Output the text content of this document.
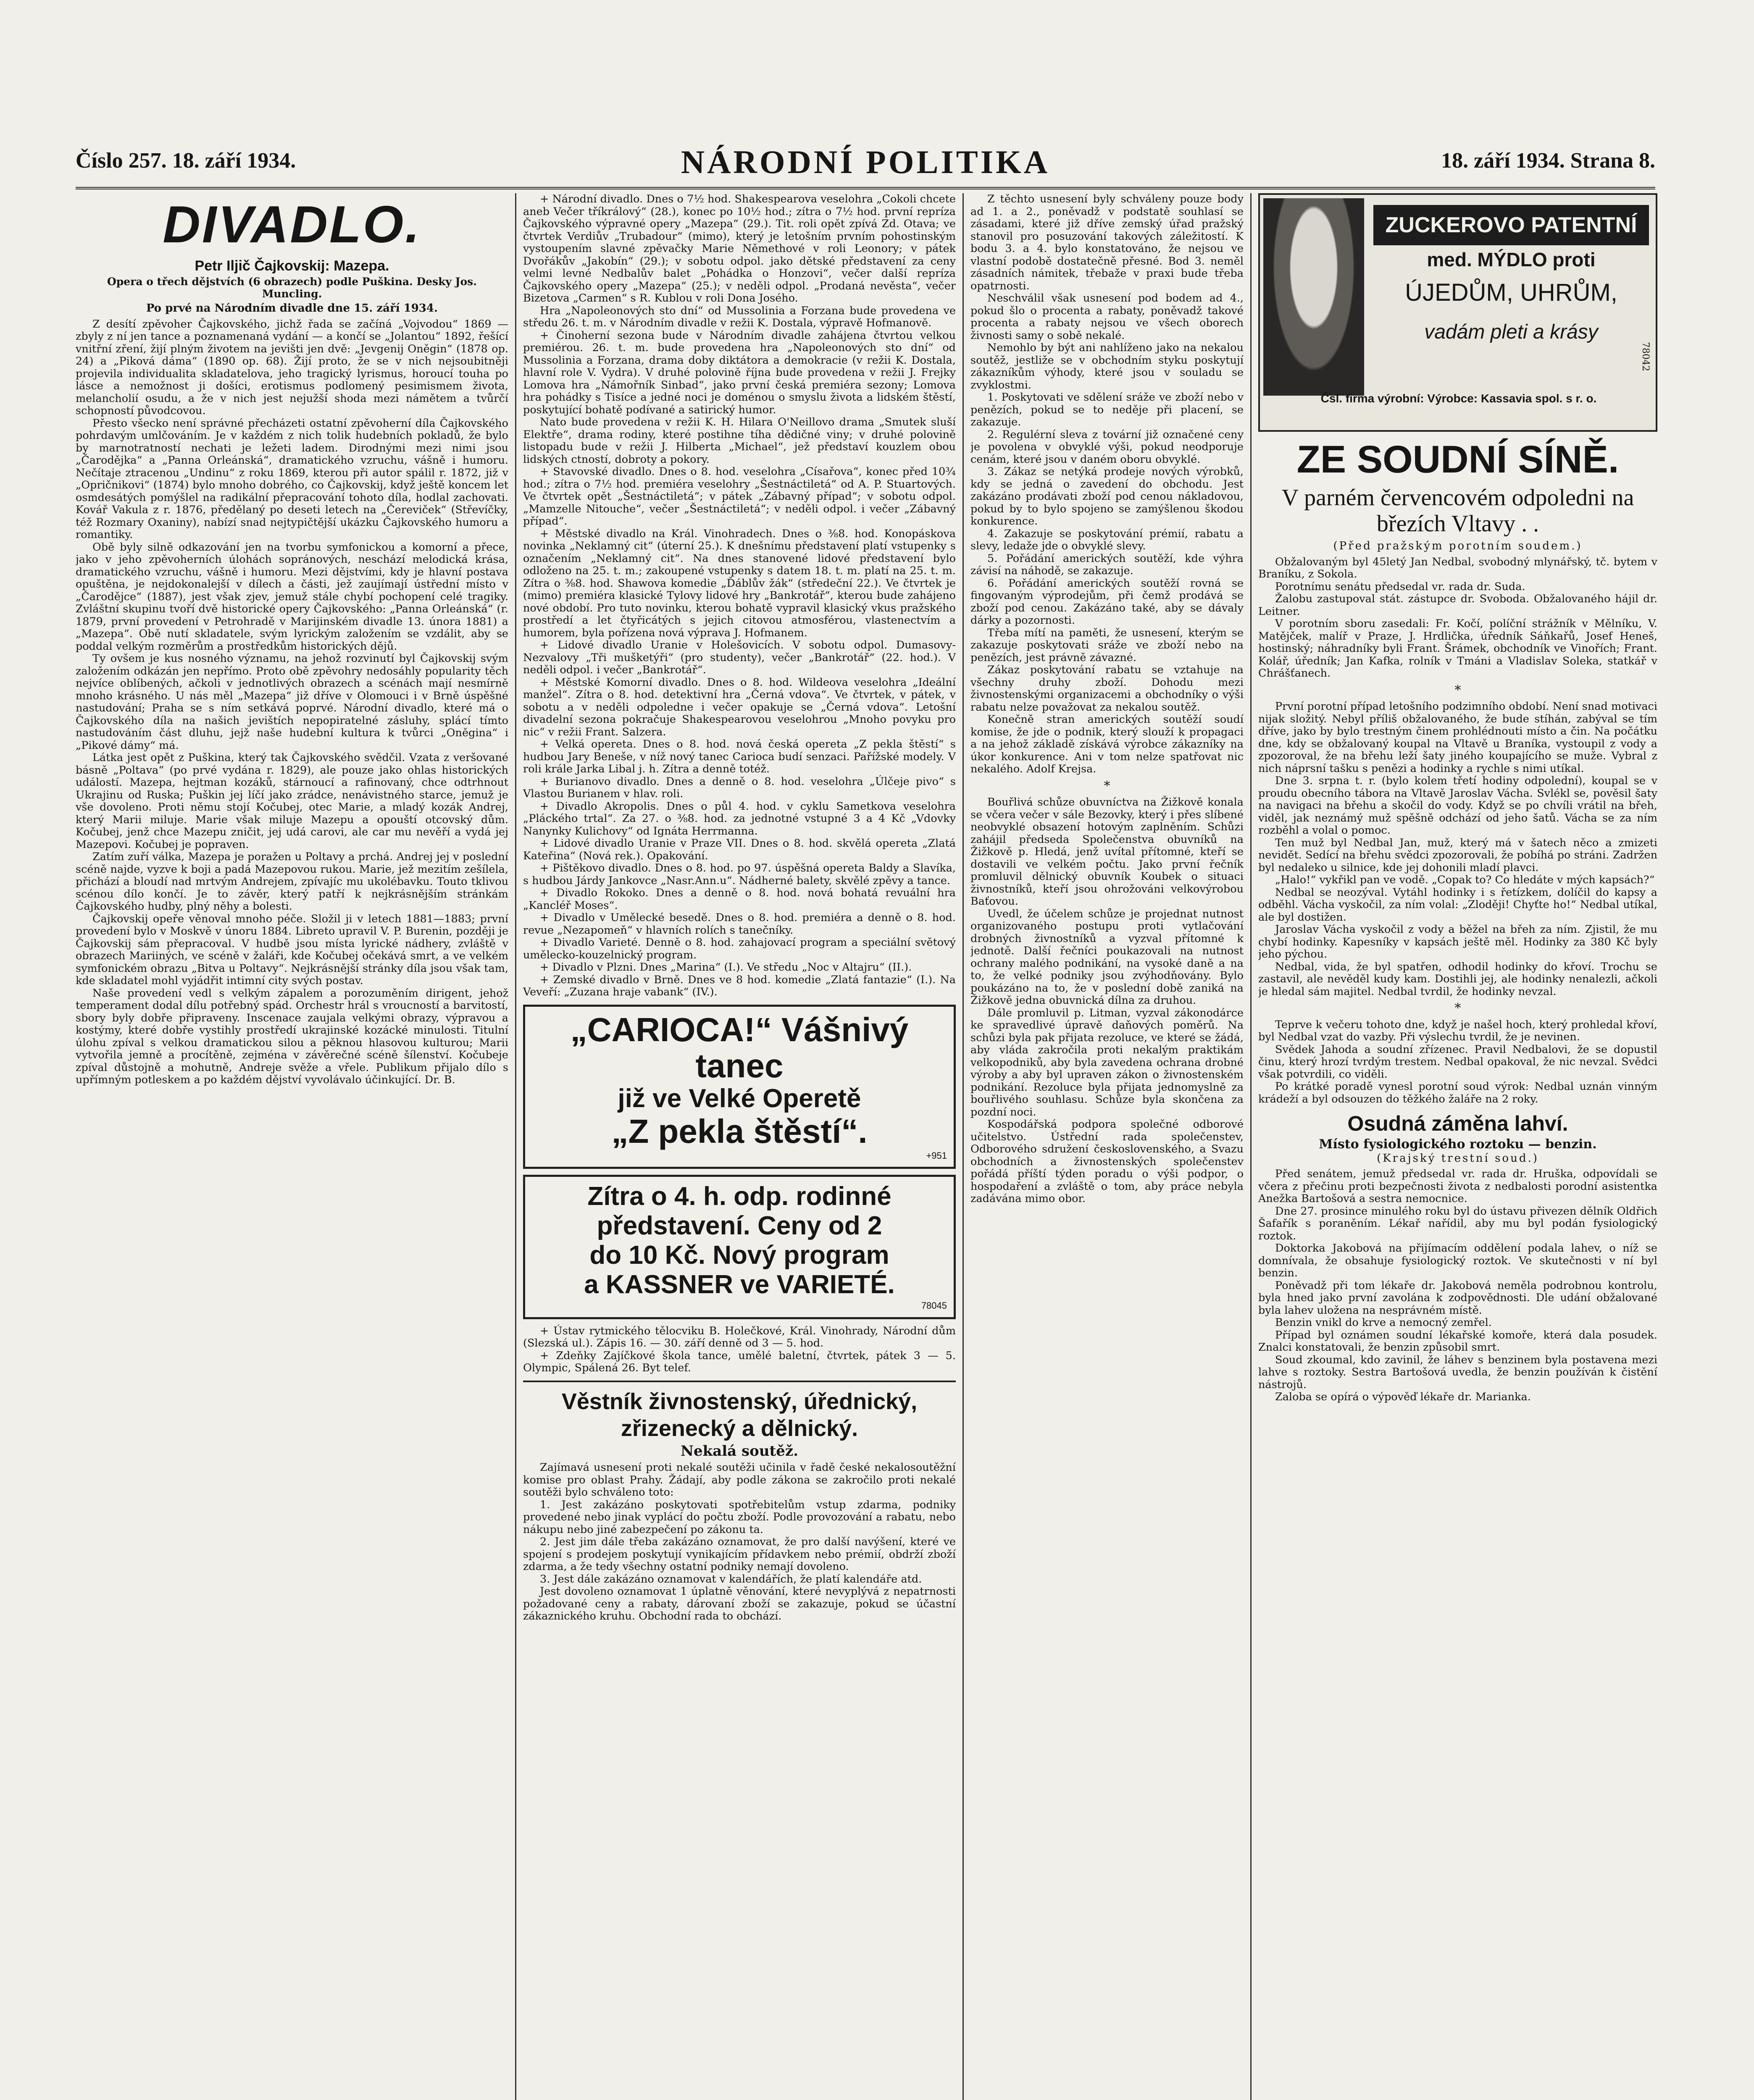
Číslo 257. 18. září 1934.	NÁRODNÍ POLITIKA	18. září 1934. Strana 8.
DIVADLO.
Petr Iljič Čajkovskij: Mazepa.
Opera o třech dějstvích (6 obrazech) podle Puškina. Desky Jos. Muncling.
Po prvé na Národním divadle dne 15. září 1934.

Z desítí zpěvoher Čajkovského, jichž řada se začíná „Vojvodou“ 1869 — zbyly z ní jen tance a poznamenaná vydání — a končí se „Jolantou“ 1892, řešící vnitřní zření, žijí plným životem na jevišti jen dvě: „Jevgenij Oněgin“ (1878 op. 24) a „Piková dáma“ (1890 op. 68). Žijí proto, že se v nich nejsoubitněji projevila individualita skladatelova, jeho tragický lyrismus, horoucí touha po lásce a nemožnost ji došíci, erotismus podlomený pesimismem života, melancholií osudu, a že v nich jest nejužší shoda mezi námětem a tvůrčí schopností původcovou.

Přesto všecko není správné přecházeti ostatní zpěvoherní díla Čajkovského pohrdavým umlčováním. Je v každém z nich tolik hudebních pokladů, že bylo by marnotratností nechati je ležeti ladem. Dirodnými mezi nimi jsou „Čarodějka“ a „Panna Orleánská“, dramatického vzruchu, vášně i humoru. Nečítaje ztracenou „Undinu“ z roku 1869, kterou při autor spálil r. 1872, již v „Opričnikovi“ (1874) bylo mnoho dobrého, co Čajkovskij, když ještě koncem let osmdesátých pomýšlel na radikální přepracování tohoto díla, hodlal zachovati. Kovář Vakula z r. 1876, předělaný po deseti letech na „Čereviček“ (Střevíčky, též Rozmary Oxaniny), nabízí snad nejtypičtější ukázku Čajkovského humoru a romantiky.

Obě byly silně odkazování jen na tvorbu symfonickou a komorní a přece, jako v jeho zpěvoherních úlohách sopránových, neschází melodická krása, dramatického vzruchu, vášně i humoru. Mezi dějstvími, kdy je hlavní postava opuštěna, je nejdokonalejší v dílech a části, jež zaujímají ústřední místo v „Čarodějce“ (1887), jest však zjev, jemuž stále chybí pochopení celé tragiky. Zvláštní skupinu tvoří dvě historické opery Čajkovského: „Panna Orleánská“ (r. 1879, první provedení v Petrohradě v Marijinském divadle 13. února 1881) a „Mazepa“. Obě nutí skladatele, svým lyrickým založením se vzdálit, aby se poddal velkým rozměrům a prostředkům historických dějů.

Ty ovšem je kus nosného významu, na jehož rozvinutí byl Čajkovskij svým založením odkázán jen nepřímo. Proto obě zpěvohry nedosáhly popularity těch nejvíce oblíbených, ačkoli v jednotlivých obrazech a scénách mají nesmírně mnoho krásného. U nás měl „Mazepa“ již dříve v Olomouci i v Brně úspěšné nastudování; Praha se s ním setkává poprvé. Národní divadlo, které má o Čajkovského díla na našich jevištích nepopiratelné zásluhy, splácí tímto nastudováním část dluhu, jejž naše hudební kultura k tvůrci „Oněgina“ i „Pikové dámy“ má.

Látka jest opět z Puškina, který tak Čajkovského svědčil. Vzata z veršované básně „Poltava“ (po prvé vydána r. 1829), ale pouze jako ohlas historických událostí. Mazepa, hejtman kozáků, stárnoucí a rafinovaný, chce odtrhnout Ukrajinu od Ruska; Puškin jej líčí jako zrádce, nenávistného starce, jemuž je vše dovoleno. Proti němu stojí Kočubej, otec Marie, a mladý kozák Andrej, který Marii miluje. Marie však miluje Mazepu a opouští otcovský dům. Kočubej, jenž chce Mazepu zničit, jej udá carovi, ale car mu nevěří a vydá jej Mazepovi. Kočubej je popraven.

Zatím zuří válka, Mazepa je poražen u Poltavy a prchá. Andrej jej v poslední scéně najde, vyzve k boji a padá Mazepovou rukou. Marie, jež mezitím zešílela, přichází a bloudí nad mrtvým Andrejem, zpívajíc mu ukolébavku. Touto tklivou scénou dílo končí. Je to závěr, který patří k nejkrásnějším stránkám Čajkovského hudby, plný něhy a bolesti.

Čajkovskij opeře věnoval mnoho péče. Složil ji v letech 1881—1883; první provedení bylo v Moskvě v únoru 1884. Libreto upravil V. P. Burenin, později je Čajkovskij sám přepracoval. V hudbě jsou místa lyrické nádhery, zvláště v obrazech Mariiných, ve scéně v žaláři, kde Kočubej očekává smrt, a ve velkém symfonickém obrazu „Bitva u Poltavy“. Nejkrásnější stránky díla jsou však tam, kde skladatel mohl vyjádřit intimní city svých postav.

Naše provedení vedl s velkým zápalem a porozuměním dirigent, jehož temperament dodal dílu potřebný spád. Orchestr hrál s vroucností a barvitostí, sbory byly dobře připraveny. Inscenace zaujala velkými obrazy, výpravou a kostýmy, které dobře vystihly prostředí ukrajinské kozácké minulosti. Titulní úlohu zpíval s velkou dramatickou silou a pěknou hlasovou kulturou; Marii vytvořila jemně a procítěně, zejména v závěrečné scéně šílenství. Kočubeje zpíval důstojně a mohutně, Andreje svěže a vřele. Publikum přijalo dílo s upřímným potleskem a po každém dějství vyvolávalo účinkující. Dr. B.

+ Národní divadlo. Dnes o 7½ hod. Shakespearova veselohra „Cokoli chcete aneb Večer tříkrálový“ (28.), konec po 10½ hod.; zítra o 7½ hod. první repríza Čajkovského výpravné opery „Mazepa“ (29.). Tit. roli opět zpívá Zd. Otava; ve čtvrtek Verdiův „Trubadour“ (mimo), který je letošním prvním pohostinským vystoupením slavné zpěvačky Marie Němethové v roli Leonory; v pátek Dvořákův „Jakobín“ (29.); v sobotu odpol. jako dětské představení za ceny velmi levné Nedbalův balet „Pohádka o Honzovi“, večer další repríza Čajkovského opery „Mazepa“ (25.); v neděli odpol. „Prodaná nevěsta“, večer Bizetova „Carmen“ s R. Kublou v roli Dona Josého.

Hra „Napoleonových sto dní“ od Mussolinia a Forzana bude provedena ve středu 26. t. m. v Národním divadle v režii K. Dostala, výpravě Hofmanově.

+ Činoherní sezona bude v Národním divadle zahájena čtvrtou velkou premiérou. 26. t. m. bude provedena hra „Napoleonových sto dní“ od Mussolinia a Forzana, drama doby diktátora a demokracie (v režii K. Dostala, hlavní role V. Vydra). V druhé polovině října bude provedena v režii J. Frejky Lomova hra „Námořník Sinbad“, jako první česká premiéra sezony; Lomova hra pohádky s Tisíce a jedné noci je doménou o smyslu života a lidském štěstí, poskytující bohatě podívané a satirický humor.

Nato bude provedena v režii K. H. Hilara O'Neillovo drama „Smutek sluší Elektře“, drama rodiny, které postihne tíha dědičné viny; v druhé polovině listopadu bude v režii J. Hilberta „Michael“, jež představí kouzlem obou lidských ctností, dobroty a pokory.

+ Stavovské divadlo. Dnes o 8. hod. veselohra „Císařova“, konec před 10¾ hod.; zítra o 7½ hod. premiéra veselohry „Šestnáctiletá“ od A. P. Stuartových. Ve čtvrtek opět „Šestnáctiletá“; v pátek „Zábavný případ“; v sobotu odpol. „Mamzelle Nitouche“, večer „Šestnáctiletá“; v neděli odpol. i večer „Zábavný případ“.

+ Městské divadlo na Král. Vinohradech. Dnes o ⅜8. hod. Konopáskova novinka „Neklamný cit“ (úterní 25.). K dnešnímu představení platí vstupenky s označením „Neklamný cit“. Na dnes stanovené lidové představení bylo odloženo na 25. t. m.; zakoupené vstupenky s datem 18. t. m. platí na 25. t. m. Zítra o ⅜8. hod. Shawova komedie „Ďáblův žák“ (středeční 22.). Ve čtvrtek je (mimo) premiéra klasické Tylovy lidové hry „Bankrotář“, kterou bude zahájeno nové období. Pro tuto novinku, kterou bohatě vypravil klasický vkus pražského prostředí a let čtyřicátých s jejich citovou atmosférou, vlastenectvím a humorem, byla pořízena nová výprava J. Hofmanem.

+ Lidové divadlo Uranie v Holešovicích. V sobotu odpol. Dumasovy-Nezvalovy „Tři mušketýři“ (pro studenty), večer „Bankrotář“ (22. hod.). V neděli odpol. i večer „Bankrotář“.

+ Městské Komorní divadlo. Dnes o 8. hod. Wildeova veselohra „Ideální manžel“. Zítra o 8. hod. detektivní hra „Černá vdova“. Ve čtvrtek, v pátek, v sobotu a v neděli odpoledne i večer opakuje se „Černá vdova“. Letošní divadelní sezona pokračuje Shakespearovou veselohrou „Mnoho povyku pro nic“ v režii Frant. Salzera.

+ Velká opereta. Dnes o 8. hod. nová česká opereta „Z pekla štěstí“ s hudbou Jary Beneše, v níž nový tanec Carioca budí senzaci. Pařížské modely. V roli krále Jarka Libal j. h. Zítra a denně totéž.

+ Burianovo divadlo. Dnes a denně o 8. hod. veselohra „Úlčeje pivo“ s Vlastou Burianem v hlav. roli.

+ Divadlo Akropolis. Dnes o půl 4. hod. v cyklu Sametkova veselohra „Pláckého trtal“. Za 27. o ⅜8. hod. za jednotné vstupné 3 a 4 Kč „Vdovky Nanynky Kulichovy“ od Ignáta Herrmanna.

+ Lidové divadlo Uranie v Praze VII. Dnes o 8. hod. skvělá opereta „Zlatá Kateřina“ (Nová rek.). Opakování.

+ Pištěkovo divadlo. Dnes o 8. hod. po 97. úspěšná opereta Baldy a Slavíka, s hudbou Járdy Jankovce „Nasr.Ann.u“. Nádherné balety, skvělé zpěvy a tance.

+ Divadlo Rokoko. Dnes a denně o 8. hod. nová bohatá revuální hra „Kancléř Moses“.

+ Divadlo v Umělecké besedě. Dnes o 8. hod. premiéra a denně o 8. hod. revue „Nezapomeň“ v hlavních rolích s tanečníky.

+ Divadlo Varieté. Denně o 8. hod. zahajovací program a speciální světový umělecko-kouzelnický program.

+ Divadlo v Plzni. Dnes „Marina“ (I.). Ve středu „Noc v Altajru“ (II.).

+ Zemské divadlo v Brně. Dnes ve 8 hod. komedie „Zlatá fantazie“ (I.). Na Veveří: „Zuzana hraje vabank“ (IV.).

„CARIOCA!“ Vášnivý tanec
již ve Velké Operetě
„Z pekla štěstí“.
+951
Zítra o 4. h. odp. rodinné
představení. Ceny od 2
do 10 Kč. Nový program
a KASSNER ve VARIETÉ.
78045

+ Ústav rytmického tělocviku B. Holečkové, Král. Vinohrady, Národní dům (Slezská ul.). Zápis 16. — 30. září denně od 3 — 5. hod.

+ Zdeňky Zajíčkové škola tance, umělé baletní, čtvrtek, pátek 3 — 5. Olympic, Spálená 26. Byt telef.

Věstník živnostenský, úřednický, zřizenecký a dělnický.
Nekalá soutěž.

Zajímavá usnesení proti nekalé soutěži učinila v řadě české nekalosoutěžní komise pro oblast Prahy. Žádají, aby podle zákona se zakročilo proti nekalé soutěži bylo schváleno toto:

1. Jest zakázáno poskytovati spotřebitelům vstup zdarma, podniky provedené nebo jinak vyplácí do počtu zboží. Podle provozování a rabatu, nebo nákupu nebo jiné zabezpečení po zákonu ta.

2. Jest jim dále třeba zakázáno oznamovat, že pro další navýšení, které ve spojení s prodejem poskytují vynikajícím přídavkem nebo prémií, obdrží zboží zdarma, a že tedy všechny ostatní podniky nemají dovoleno.

3. Jest dále zakázáno oznamovat v kalendářích, že platí kalendáře atd.

Jest dovoleno oznamovat 1 úplatně věnování, které nevyplývá z nepatrnosti požadované ceny a rabaty, dárovaní zboží se zakazuje, pokud se účastní zákaznického kruhu. Obchodní rada to obchází.

Z těchto usnesení byly schváleny pouze body ad 1. a 2., poněvadž v podstatě souhlasí se zásadami, které již dříve zemský úřad pražský stanovil pro posuzování takových záležitostí. K bodu 3. a 4. bylo konstatováno, že nejsou ve vlastní podobě dostatečně přesné. Bod 3. neměl zásadních námitek, třebaže v praxi bude třeba opatrnosti.

Neschválil však usnesení pod bodem ad 4., pokud šlo o procenta a rabaty, poněvadž takové procenta a rabaty nejsou ve všech oborech živnosti samy o sobě nekalé.

Nemohlo by být ani nahlíženo jako na nekalou soutěž, jestliže se v obchodním styku poskytují zákazníkům výhody, které jsou v souladu se zvyklostmi.

1. Poskytovati ve sdělení sráže ve zboží nebo v penězích, pokud se to neděje při placení, se zakazuje.

2. Regulérní sleva z tovární již označené ceny je povolena v obvyklé výši, pokud neodporuje cenám, které jsou v daném oboru obvyklé.

3. Zákaz se netýká prodeje nových výrobků, kdy se jedná o zavedení do obchodu. Jest zakázáno prodávati zboží pod cenou nákladovou, pokud by to bylo spojeno se zamýšlenou škodou konkurence.

4. Zakazuje se poskytování prémií, rabatu a slevy, ledaže jde o obvyklé slevy.

5. Pořádání amerických soutěží, kde výhra závisí na náhodě, se zakazuje.

6. Pořádání amerických soutěží rovná se fingovaným výprodejům, při čemž prodává se zboží pod cenou. Zakázáno také, aby se dávaly dárky a pozornosti.

Třeba mítí na paměti, že usnesení, kterým se zakazuje poskytovati sráže ve zboží nebo na penězích, jest právně závazné.

Zákaz poskytování rabatu se vztahuje na všechny druhy zboží. Dohodu mezi živnostenskými organizacemi a obchodníky o výši rabatu nelze považovat za nekalou soutěž.

Konečně stran amerických soutěží soudí komise, že jde o podnik, který slouží k propagaci a na jehož základě získává výrobce zákazníky na úkor konkurence. Ani v tom nelze spatřovat nic nekalého. Adolf Krejsa.

*

Bouřlivá schůze obuvníctva na Žižkově konala se včera večer v sále Bezovky, který i přes slíbené neobvyklé obsazení hotovým zaplněním. Schůzi zahájil předseda Společenstva obuvníků na Žižkově p. Hledá, jenž uvítal přítomné, kteří se dostavili ve velkém počtu. Jako první řečník promluvil dělnický obuvník Koubek o situaci živnostníků, kteří jsou ohrožováni velkovýrobou Baťovou.

Uvedl, že účelem schůze je projednat nutnost organizovaného postupu proti vytlačování drobných živnostníků a vyzval přítomné k jednotě. Další řečníci poukazovali na nutnost ochrany malého podnikání, na vysoké daně a na to, že velké podniky jsou zvýhodňovány. Bylo poukázáno na to, že v poslední době zaniká na Žižkově jedna obuvnická dílna za druhou.

Dále promluvil p. Litman, vyzval zákonodárce ke spravedlivé úpravě daňových poměrů. Na schůzi byla pak přijata rezoluce, ve které se žádá, aby vláda zakročila proti nekalým praktikám velkopodniků, aby byla zavedena ochrana drobné výroby a aby byl upraven zákon o živnostenském podnikání. Rezoluce byla přijata jednomyslně za bouřlivého souhlasu. Schůze byla skončena za pozdní noci.

Kospodářská podpora společné odborové učitelstvo. Ústřední rada společenstev, Odborového sdružení československého, a Svazu obchodních a živnostenských společenstev pořádá příští týden poradu o výši podpor, o hospodaření a zvláště o tom, aby práce nebyla zadávána mimo obor.

ZUCKEROVO PATENTNÍ
med. MÝDLO proti
ÚJEDŮM, UHRŮM,
vadám pleti a krásy
Čsl. firma výrobní: Výrobce: Kassavia spol. s r. o.
78042
ZE SOUDNÍ SÍNĚ.
V parném červencovém odpoledni na březích Vltavy . .
(Před pražským porotním soudem.)

Obžalovaným byl 45letý Jan Nedbal, svobodný mlynářský, tč. bytem v Braníku, z Sokola.

Porotnímu senátu předsedal vr. rada dr. Suda.

Žalobu zastupoval stát. zástupce dr. Svoboda. Obžalovaného hájil dr. Leitner.

V porotním sboru zasedali: Fr. Kočí, políční strážník v Mělníku, V. Matějček, malíř v Praze, J. Hrdlička, úředník Sáňkařů, Josef Heneš, hostinský; náhradníky byli Frant. Šrámek, obchodník ve Vinořích; Frant. Kolář, úředník; Jan Kafka, rolník v Tmáni a Vladislav Soleka, statkář v Chrášťanech.

*

První porotní případ letošního podzimního období. Není snad motivaci nijak složitý. Nebyl příliš obžalovaného, že bude stíhán, zabýval se tím dříve, jako by bylo trestným činem prohlédnouti místo a čin. Na počátku dne, kdy se obžalovaný koupal na Vltavě u Braníka, vystoupil z vody a zpozoroval, že na břehu leží šaty jiného koupajícího se muže. Vybral z nich náprsní tašku s penězi a hodinky a rychle s nimi utíkal.

Dne 3. srpna t. r. (bylo kolem třetí hodiny odpolední), koupal se v proudu obecního tábora na Vltavě Jaroslav Vácha. Svlékl se, pověsil šaty na navigaci na břehu a skočil do vody. Když se po chvíli vrátil na břeh, viděl, jak neznámý muž spěšně odchází od jeho šatů. Vácha se za ním rozběhl a volal o pomoc.

Ten muž byl Nedbal Jan, muž, který má v šatech něco a zmizeti nevidět. Sedící na břehu svědci zpozorovali, že pobíhá po stráni. Zadržen byl nedaleko u silnice, kde jej dohonili mladí plavci.

„Halo!“ vykřikl pan ve vodě. „Copak to? Co hledáte v mých kapsách?“

Nedbal se neozýval. Vytáhl hodinky i s řetízkem, dolíčil do kapsy a odběhl. Vácha vyskočil, za ním volal: „Zloději! Chyťte ho!“ Nedbal utíkal, ale byl dostižen.

Jaroslav Vácha vyskočil z vody a běžel na břeh za ním. Zjistil, že mu chybí hodinky. Kapesníky v kapsách ještě měl. Hodinky za 380 Kč byly jeho pýchou.

Nedbal, vida, že byl spatřen, odhodil hodinky do křoví. Trochu se zastavil, ale nevěděl kudy kam. Dostihli jej, ale hodinky nenalezli, ačkoli je hledal sám majitel. Nedbal tvrdil, že hodinky nevzal.

*

Teprve k večeru tohoto dne, když je našel hoch, který prohledal křoví, byl Nedbal vzat do vazby. Při výslechu tvrdil, že je nevinen.

Svědek Jahoda a soudní zřízenec. Pravil Nedbalovi, že se dopustil činu, který hrozí tvrdým trestem. Nedbal opakoval, že nic nevzal. Svědci však potvrdili, co viděli.

Po krátké poradě vynesl porotní soud výrok: Nedbal uznán vinným krádeží a byl odsouzen do těžkého žaláře na 2 roky.

Osudná záměna lahví.
Místo fysiologického roztoku — benzin.
(Krajský trestní soud.)

Před senátem, jemuž předsedal vr. rada dr. Hruška, odpovídali se včera z přečinu proti bezpečnosti života z nedbalosti porodní asistentka Anežka Bartošová a sestra nemocnice.

Dne 27. prosince minulého roku byl do ústavu přivezen dělník Oldřich Šafařík s poraněním. Lékař nařídil, aby mu byl podán fysiologický roztok.

Doktorka Jakobová na přijímacím oddělení podala lahev, o níž se domnívala, že obsahuje fysiologický roztok. Ve skutečnosti v ní byl benzin.

Poněvadž při tom lékaře dr. Jakobová neměla podrobnou kontrolu, byla hned jako první zavolána k zodpovědnosti. Dle udání obžalované byla lahev uložena na nesprávném místě.

Benzin vnikl do krve a nemocný zemřel.

Případ byl oznámen soudní lékařské komoře, která dala posudek. Znalci konstatovali, že benzin způsobil smrt.

Soud zkoumal, kdo zavinil, že láhev s benzinem byla postavena mezi lahve s roztoky. Sestra Bartošová uvedla, že benzin používán k čistění nástrojů.

Zaloba se opírá o výpověď lékaře dr. Marianka.
